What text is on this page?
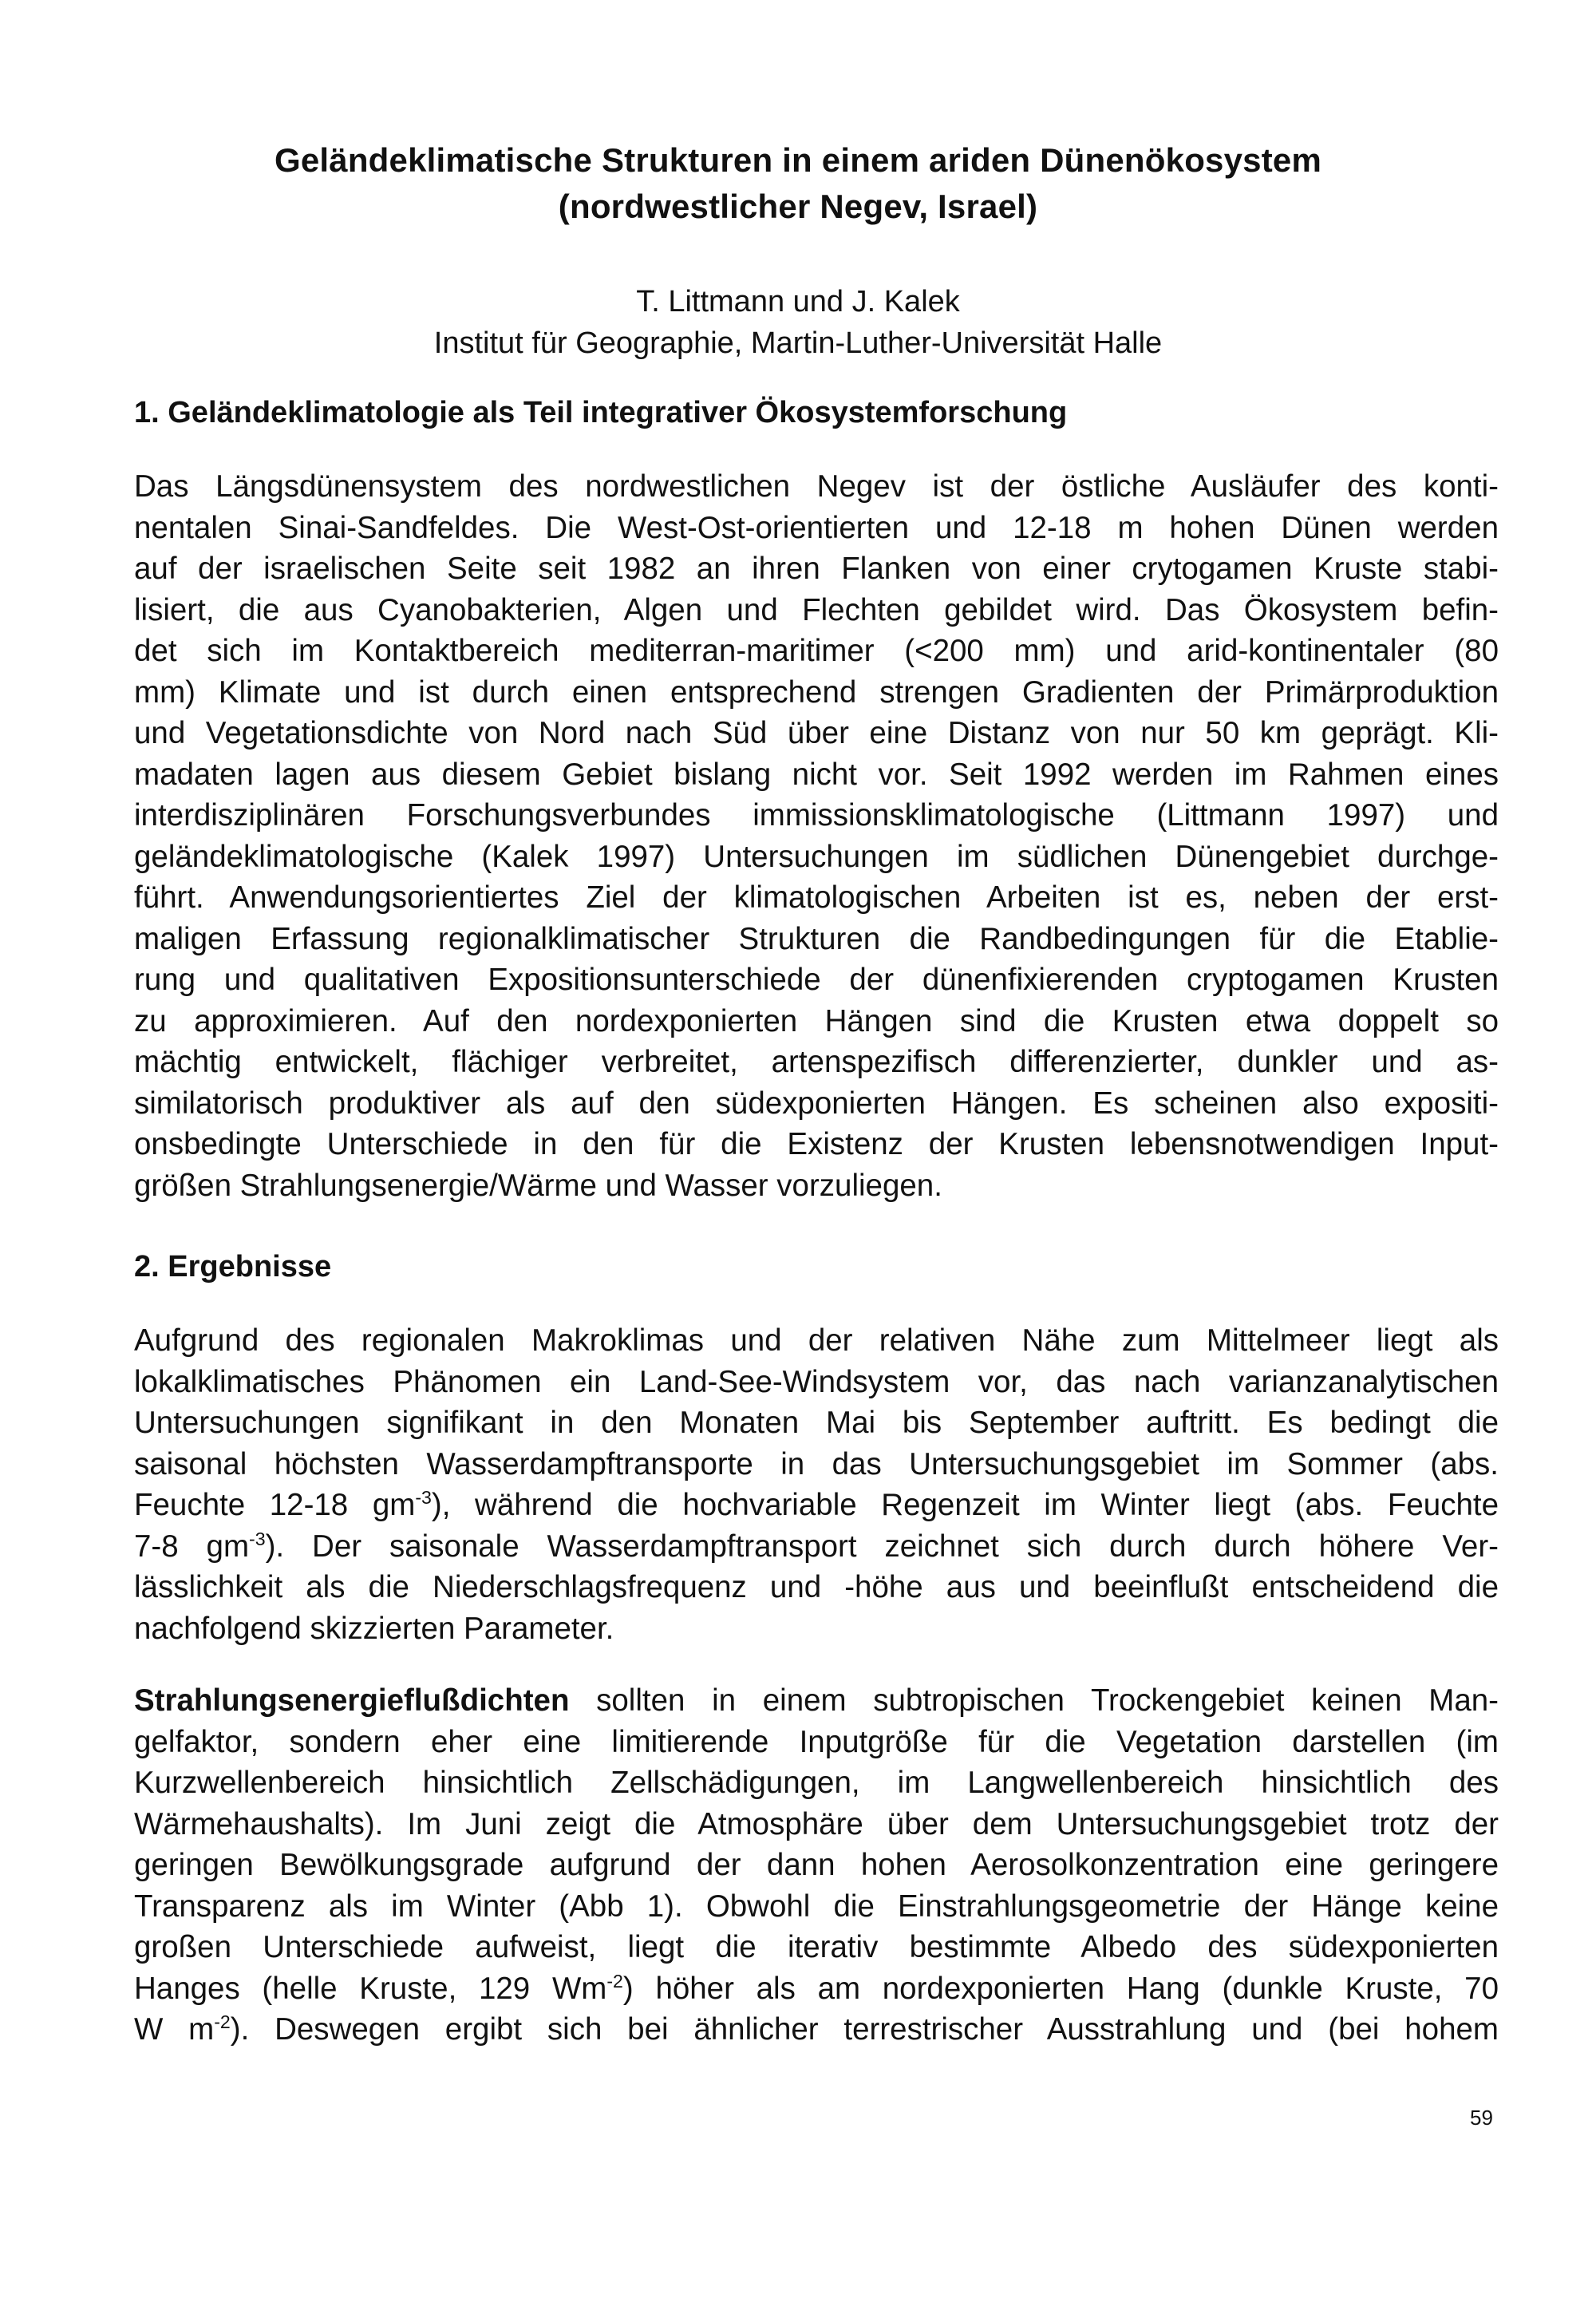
Geländeklimatische Strukturen in einem ariden Dünenökosystem
(nordwestlicher Negev, Israel)
T. Littmann und J. Kalek
Institut für Geographie, Martin-Luther-Universität Halle
1. Geländeklimatologie als Teil integrativer Ökosystemforschung
Das Längsdünensystem des nordwestlichen Negev ist der östliche Ausläufer des konti-
nentalen Sinai-Sandfeldes. Die West-Ost-orientierten und 12-18 m hohen Dünen werden
auf der israelischen Seite seit 1982 an ihren Flanken von einer crytogamen Kruste stabi-
lisiert, die aus Cyanobakterien, Algen und Flechten gebildet wird. Das Ökosystem befin-
det sich im Kontaktbereich mediterran-maritimer (<200 mm) und arid-kontinentaler (80
mm) Klimate und ist durch einen entsprechend strengen Gradienten der Primärproduktion
und Vegetationsdichte von Nord nach Süd über eine Distanz von nur 50 km geprägt. Kli-
madaten lagen aus diesem Gebiet bislang nicht vor. Seit 1992 werden im Rahmen eines
interdisziplinären Forschungsverbundes immissionsklimatologische (Littmann 1997) und
geländeklimatologische (Kalek 1997) Untersuchungen im südlichen Dünengebiet durchge-
führt. Anwendungsorientiertes Ziel der klimatologischen Arbeiten ist es, neben der erst-
maligen Erfassung regionalklimatischer Strukturen die Randbedingungen für die Etablie-
rung und qualitativen Expositionsunterschiede der dünenfixierenden cryptogamen Krusten
zu approximieren. Auf den nordexponierten Hängen sind die Krusten etwa doppelt so
mächtig entwickelt, flächiger verbreitet, artenspezifisch differenzierter, dunkler und as-
similatorisch produktiver als auf den südexponierten Hängen. Es scheinen also expositi-
onsbedingte Unterschiede in den für die Existenz der Krusten lebensnotwendigen Input-
größen Strahlungsenergie/Wärme und Wasser vorzuliegen.
2. Ergebnisse
Aufgrund des regionalen Makroklimas und der relativen Nähe zum Mittelmeer liegt als
lokalklimatisches Phänomen ein Land-See-Windsystem vor, das nach varianzanalytischen
Untersuchungen signifikant in den Monaten Mai bis September auftritt. Es bedingt die
saisonal höchsten Wasserdampftransporte in das Untersuchungsgebiet im Sommer (abs.
Feuchte 12-18 $gm^{-3}$), während die hochvariable Regenzeit im Winter liegt (abs. Feuchte
7-8 $gm^{-3}$). Der saisonale Wasserdampftransport zeichnet sich durch durch höhere Ver-
lässlichkeit als die Niederschlagsfrequenz und -höhe aus und beeinflußt entscheidend die
nachfolgend skizzierten Parameter.
Strahlungsenergieflußdichten sollten in einem subtropischen Trockengebiet keinen Man-
gelfaktor, sondern eher eine limitierende Inputgröße für die Vegetation darstellen (im
Kurzwellenbereich hinsichtlich Zellschädigungen, im Langwellenbereich hinsichtlich des
Wärmehaushalts). Im Juni zeigt die Atmosphäre über dem Untersuchungsgebiet trotz der
geringen Bewölkungsgrade aufgrund der dann hohen Aerosolkonzentration eine geringere
Transparenz als im Winter (Abb 1). Obwohl die Einstrahlungsgeometrie der Hänge keine
großen Unterschiede aufweist, liegt die iterativ bestimmte Albedo des südexponierten
Hanges (helle Kruste, 129 $Wm^{-2}$) höher als am nordexponierten Hang (dunkle Kruste, 70
W $m^{-2}$). Deswegen ergibt sich bei ähnlicher terrestrischer Ausstrahlung und (bei hohem
59
